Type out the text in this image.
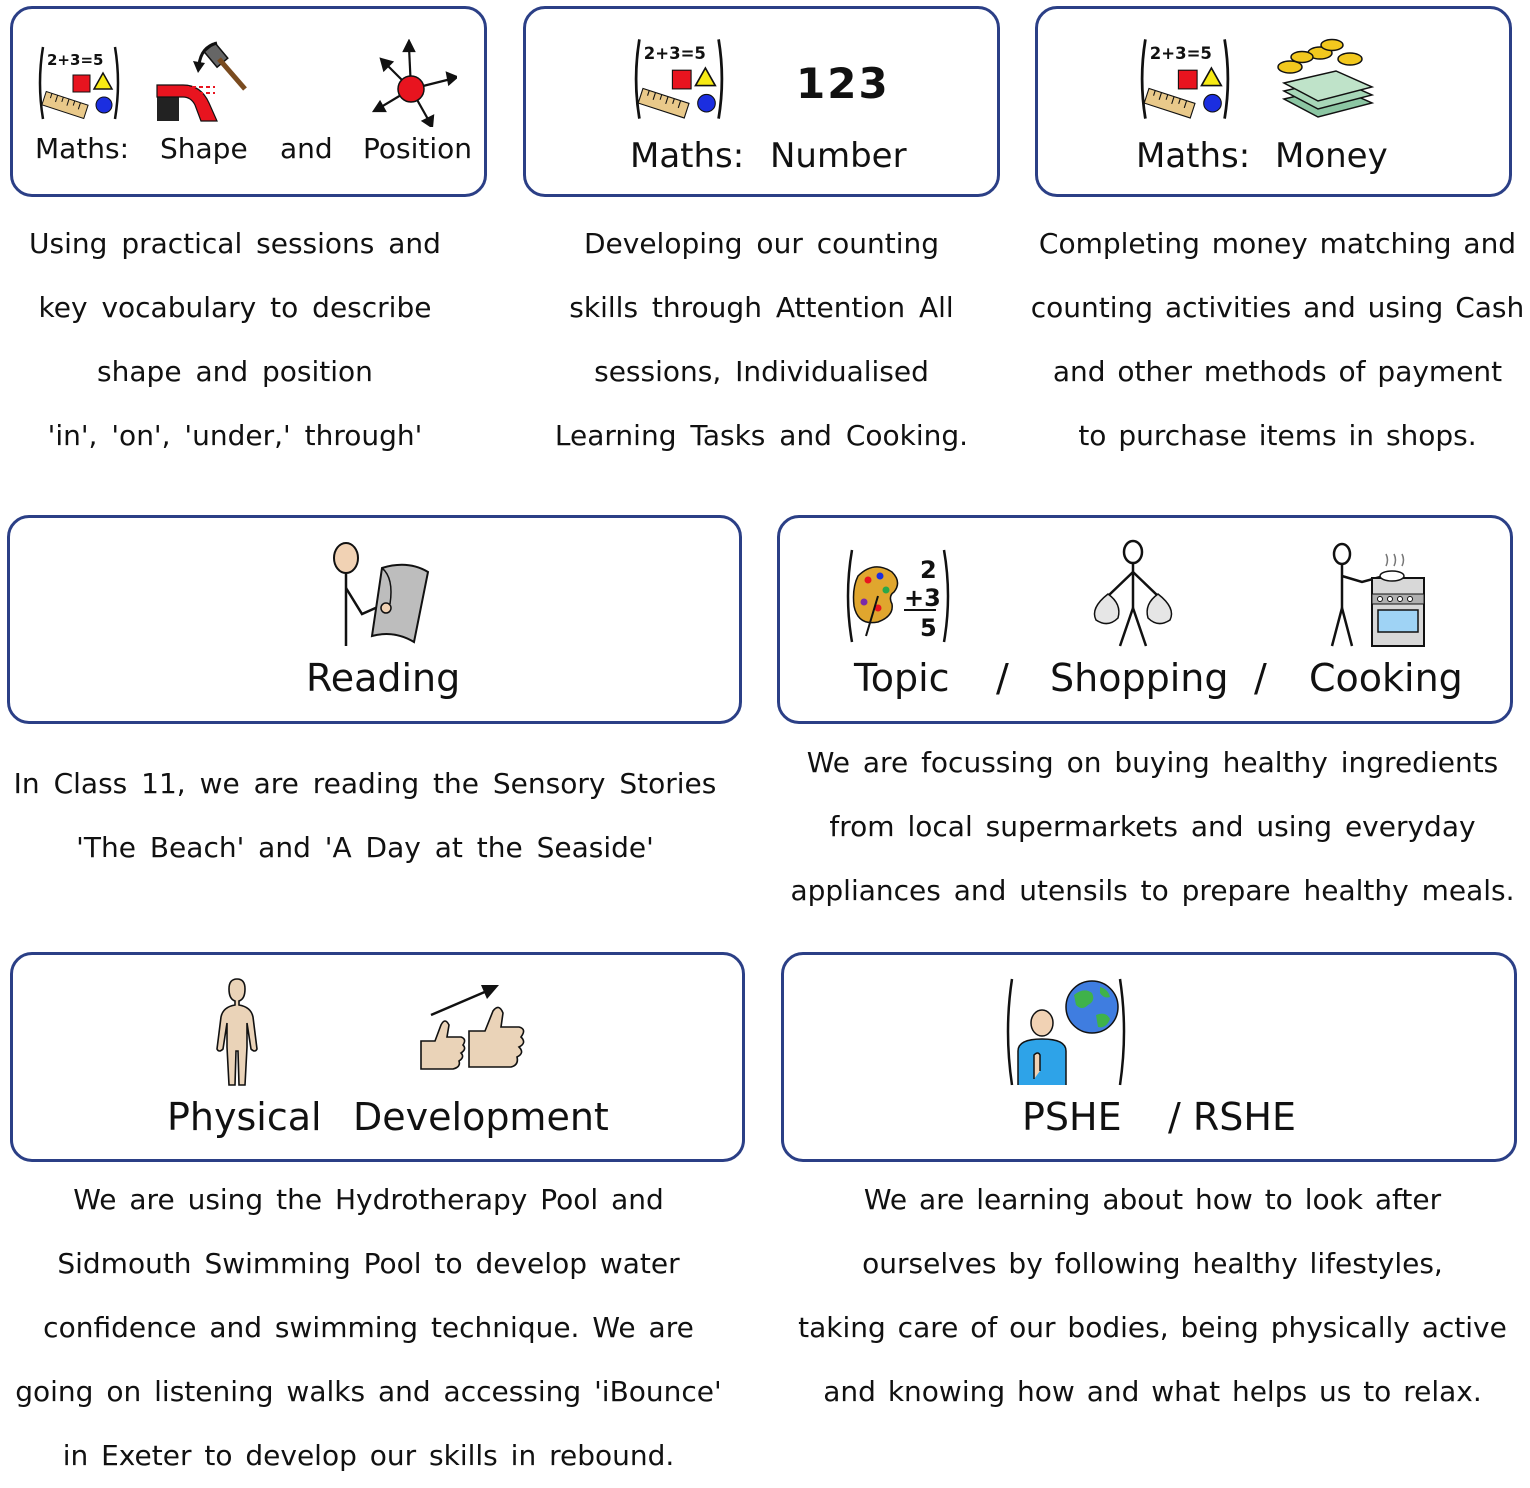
2+3=5
Maths: Shape and Position
Using practical sessions and
key vocabulary to describe
shape and position
'in', 'on', 'under,' through'
2+3=5
123
Maths: Number
Developing our counting
skills through Attention All
sessions, Individualised
Learning Tasks and Cooking.
2+3=5
Maths: Money
Completing money matching and
counting activities and using Cash
and other methods of payment
to purchase items in shops.
Reading
In Class 11, we are reading the Sensory Stories
'The Beach' and 'A Day at the Seaside'
2
+3
5
Topic / Shopping / Cooking
We are focussing on buying healthy ingredients
from local supermarkets and using everyday
appliances and utensils to prepare healthy meals.
Physical Development
We are using the Hydrotherapy Pool and
Sidmouth Swimming Pool to develop water
confidence and swimming technique. We are
going on listening walks and accessing 'iBounce'
in Exeter to develop our skills in rebound.
PSHE / RSHE
We are learning about how to look after
ourselves by following healthy lifestyles,
taking care of our bodies, being physically active
and knowing how and what helps us to relax.
